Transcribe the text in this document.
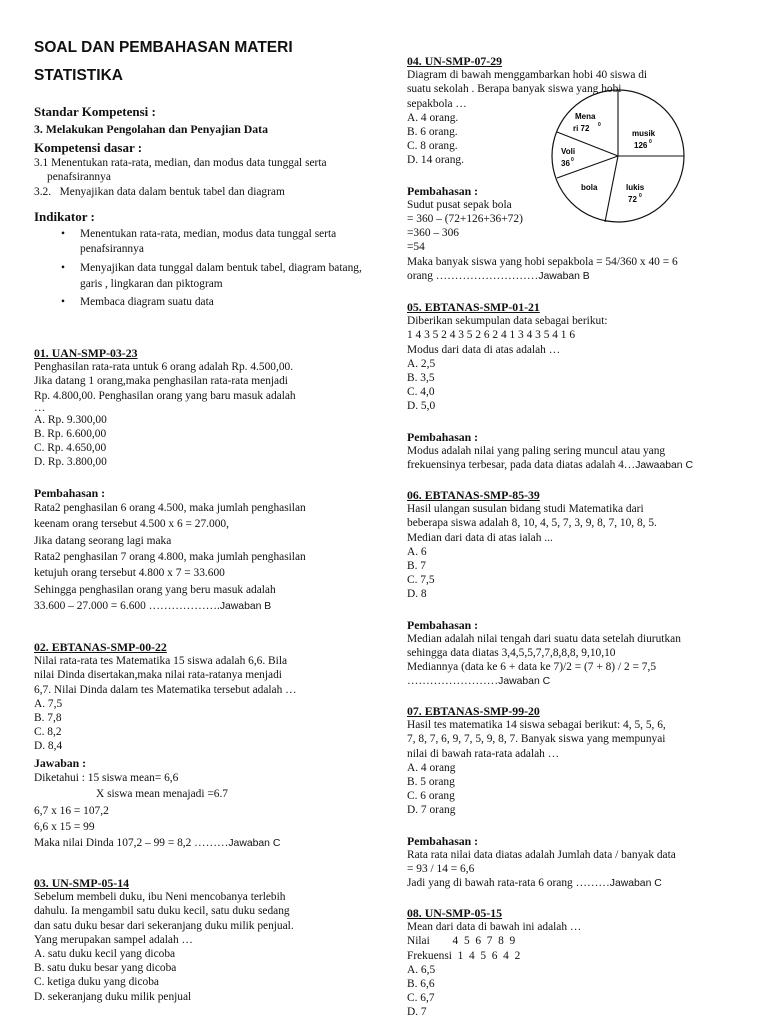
SOAL DAN PEMBAHASAN MATERI
STATISTIKA
Standar Kompetensi :
3. Melakukan Pengolahan dan Penyajian Data
Kompetensi dasar :
3.1 Menentukan rata-rata, median, dan modus data tunggal serta
penafsirannya
3.2.   Menyajikan data dalam bentuk tabel dan diagram
Indikator :
• Menentukan rata-rata, median, modus data tunggal serta penafsirannya
• Menyajikan data tunggal dalam bentuk tabel, diagram batang, garis , lingkaran dan piktogram
• Membaca diagram suatu data
01. UAN-SMP-03-23
Penghasilan rata-rata untuk 6 orang adalah Rp. 4.500,00.
Jika datang 1 orang,maka penghasilan rata-rata menjadi
Rp. 4.800,00. Penghasilan orang yang baru masuk adalah
…
A. Rp. 9.300,00
B. Rp. 6.600,00
C. Rp. 4.650,00
D. Rp. 3.800,00
Pembahasan :
Rata2 penghasilan 6 orang 4.500, maka jumlah penghasilan
keenam orang tersebut 4.500 x 6 = 27.000,
Jika datang seorang lagi maka
Rata2 penghasilan 7 orang 4.800, maka jumlah penghasilan
ketujuh orang tersebut 4.800 x 7 = 33.600
Sehingga penghasilan orang yang beru masuk adalah
33.600 – 27.000 = 6.600 ……………….Jawaban B
02. EBTANAS-SMP-00-22
Nilai rata-rata tes Matematika 15 siswa adalah 6,6. Bila
nilai Dinda disertakan,maka nilai rata-ratanya menjadi
6,7. Nilai Dinda dalam tes Matematika tersebut adalah …
A. 7,5
B. 7,8
C. 8,2
D. 8,4
Jawaban :
Diketahui : 15 siswa mean= 6,6
X siswa mean menajadi =6.7
6,7 x 16 = 107,2
6,6 x 15 = 99
Maka nilai Dinda 107,2 – 99 = 8,2 ………Jawaban C
03. UN-SMP-05-14
Sebelum membeli duku, ibu Neni mencobanya terlebih
dahulu. Ia mengambil satu duku kecil, satu duku sedang
dan satu duku besar dari sekeranjang duku milik penjual.
Yang merupakan sampel adalah …
A. satu duku kecil yang dicoba
B. satu duku besar yang dicoba
C. ketiga duku yang dicoba
D. sekeranjang duku milik penjual
04. UN-SMP-07-29
Diagram di bawah menggambarkan hobi 40 siswa di
suatu sekolah . Berapa banyak siswa yang hobi
sepakbola …
A. 4 orang.
B. 6 orang.
C. 8 orang.
D. 14 orang.
Pembahasan :
Sudut pusat sepak bola
= 360 – (72+126+36+72)
=360 – 306
=54
Maka banyak siswa yang hobi sepakbola = 54/360 x 40 = 6
orang ………………………Jawaban B
Mena
ri 72 0
musik
126 0
Voli
36 0
bola	lukis
72 0
05. EBTANAS-SMP-01-21
Diberikan sekumpulan data sebagai berikut:
1 4 3 5 2 4 3 5 2 6 2 4 1 3 4 3 5 4 1 6
Modus dari data di atas adalah …
A. 2,5
B. 3,5
C. 4,0
D. 5,0
Pembahasan :
Modus adalah nilai yang paling sering muncul atau yang
frekuensinya terbesar, pada data diatas adalah 4…Jawaaban C
06. EBTANAS-SMP-85-39
Hasil ulangan susulan bidang studi Matematika dari
beberapa siswa adalah 8, 10, 4, 5, 7, 3, 9, 8, 7, 10, 8, 5.
Median dari data di atas ialah ...
A. 6
B. 7
C. 7,5
D. 8
Pembahasan :
Median adalah nilai tengah dari suatu data setelah diurutkan
sehingga data diatas 3,4,5,5,7,7,8,8,8, 9,10,10
Mediannya (data ke 6 + data ke 7)/2 = (7 + 8) / 2 = 7,5
……………………Jawaban C
07. EBTANAS-SMP-99-20
Hasil tes matematika 14 siswa sebagai berikut: 4, 5, 5, 6,
7, 8, 7, 6, 9, 7, 5, 9, 8, 7. Banyak siswa yang mempunyai
nilai di bawah rata-rata adalah …
A. 4 orang
B. 5 orang
C. 6 orang
D. 7 orang
Pembahasan :
Rata rata nilai data diatas adalah Jumlah data / banyak data
= 93 / 14 = 6,6
Jadi yang di bawah rata-rata 6 orang ………Jawaban C
08. UN-SMP-05-15
Mean dari data di bawah ini adalah …
Nilai        4  5  6  7  8  9
Frekuensi  1  4  5  6  4  2
A. 6,5
B. 6,6
C. 6,7
D. 7
